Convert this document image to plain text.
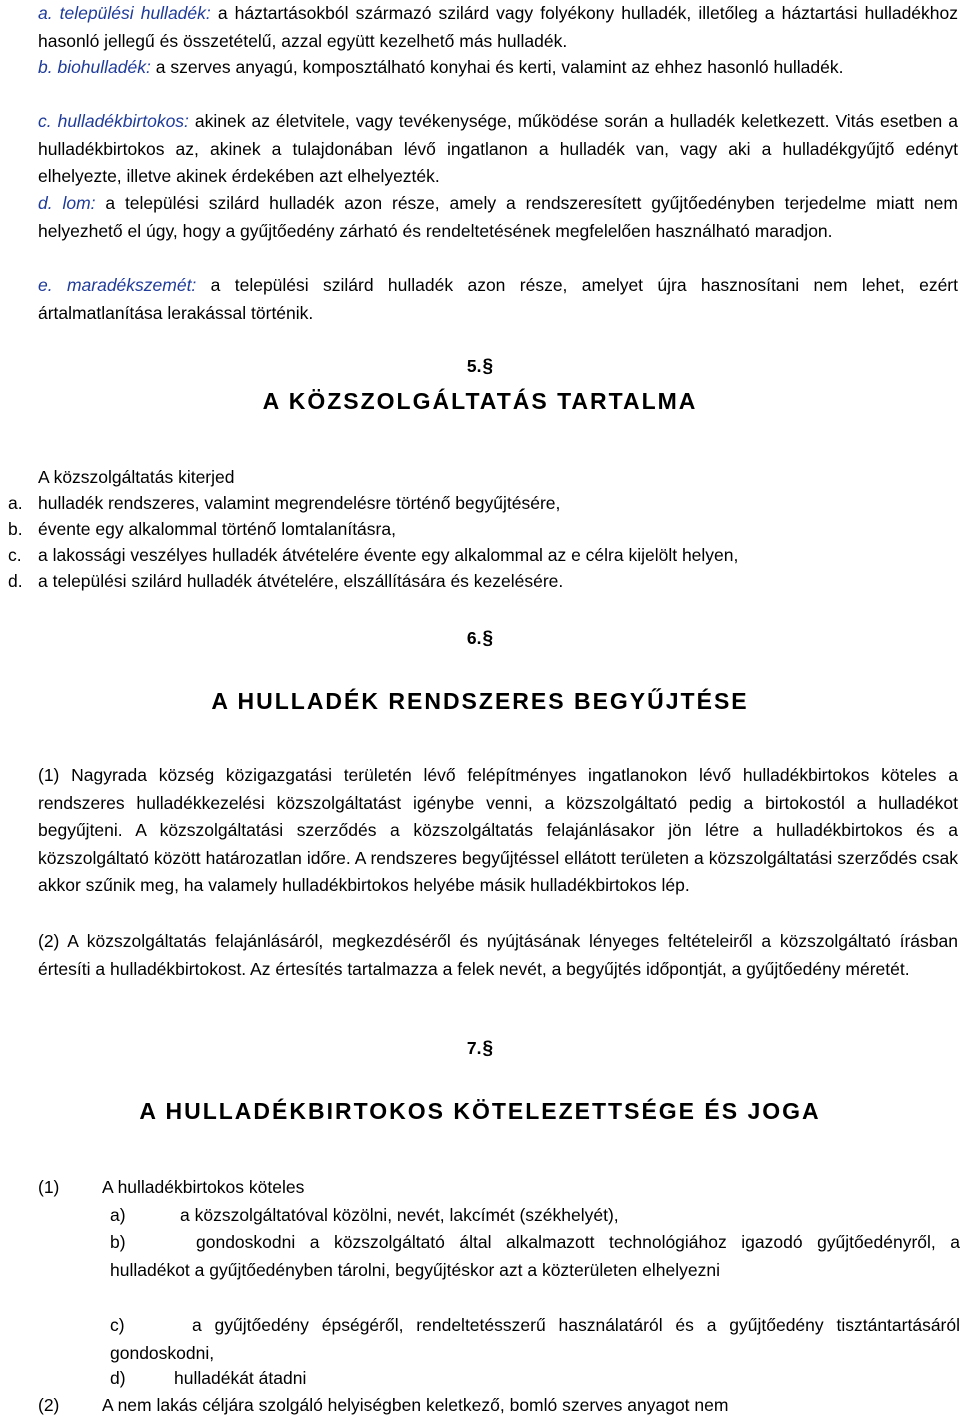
a. települési hulladék: a háztartásokból származó szilárd vagy folyékony hulladék, illetőleg a háztartási hulladékhoz hasonló jellegű és összetételű, azzal együtt kezelhető más hulladék.
b. biohulladék: a szerves anyagú, komposztálható konyhai és kerti, valamint az ehhez hasonló hulladék.
c. hulladékbirtokos: akinek az életvitele, vagy tevékenysége, működése során a hulladék keletkezett. Vitás esetben a hulladékbirtokos az, akinek a tulajdonában lévő ingatlanon a hulladék van, vagy aki a hulladékgyűjtő edényt elhelyezte, illetve akinek érdekében azt elhelyezték.
d. lom: a települési szilárd hulladék azon része, amely a rendszeresített gyűjtőedényben terjedelme miatt nem helyezhető el úgy, hogy a gyűjtőedény zárható és rendeltetésének megfelelően használható maradjon.
e. maradékszemét: a települési szilárd hulladék azon része, amelyet újra hasznosítani nem lehet, ezért ártalmatlanítása lerakással történik.
5.§
A KÖZSZOLGÁLTATÁS TARTALMA
A közszolgáltatás kiterjed
a. hulladék rendszeres, valamint megrendelésre történő begyűjtésére,
b. évente egy alkalommal történő lomtalanításra,
c. a lakossági veszélyes hulladék átvételére évente egy alkalommal az e célra kijelölt helyen,
d. a települési szilárd hulladék átvételére, elszállítására és kezelésére.
6.§
A HULLADÉK RENDSZERES BEGYŰJTÉSE
(1) Nagyrada község közigazgatási területén lévő felépítményes ingatlanokon lévő hulladékbirtokos köteles a rendszeres hulladékkezelési közszolgáltatást igénybe venni, a közszolgáltató pedig a birtokostól a hulladékot begyűjteni. A közszolgáltatási szerződés a közszolgáltatás felajánlásakor jön létre a hulladékbirtokos és a közszolgáltató között határozatlan időre. A rendszeres begyűjtéssel ellátott területen a közszolgáltatási szerződés csak akkor szűnik meg, ha valamely hulladékbirtokos helyébe másik hulladékbirtokos lép.
(2) A közszolgáltatás felajánlásáról, megkezdéséről és nyújtásának lényeges feltételeiről a közszolgáltató írásban értesíti a hulladékbirtokost. Az értesítés tartalmazza a felek nevét, a begyűjtés időpontját, a gyűjtőedény méretét.
7.§
A HULLADÉKBIRTOKOS KÖTELEZETTSÉGE ÉS JOGA
(1) A hulladékbirtokos köteles
a)	a közszolgáltatóval közölni, nevét, lakcímét (székhelyét),
b)	gondoskodni a közszolgáltató által alkalmazott technológiához igazodó gyűjtőedényről, a hulladékot a gyűjtőedényben tárolni, begyűjtéskor azt a közterületen elhelyezni
c)	a gyűjtőedény épségéről, rendeltetésszerű használatáról és a gyűjtőedény tisztántartásáról gondoskodni,
d)	hulladékát átadni
(2) A nem lakás céljára szolgáló helyiségben keletkező, bomló szerves anyagot nem
